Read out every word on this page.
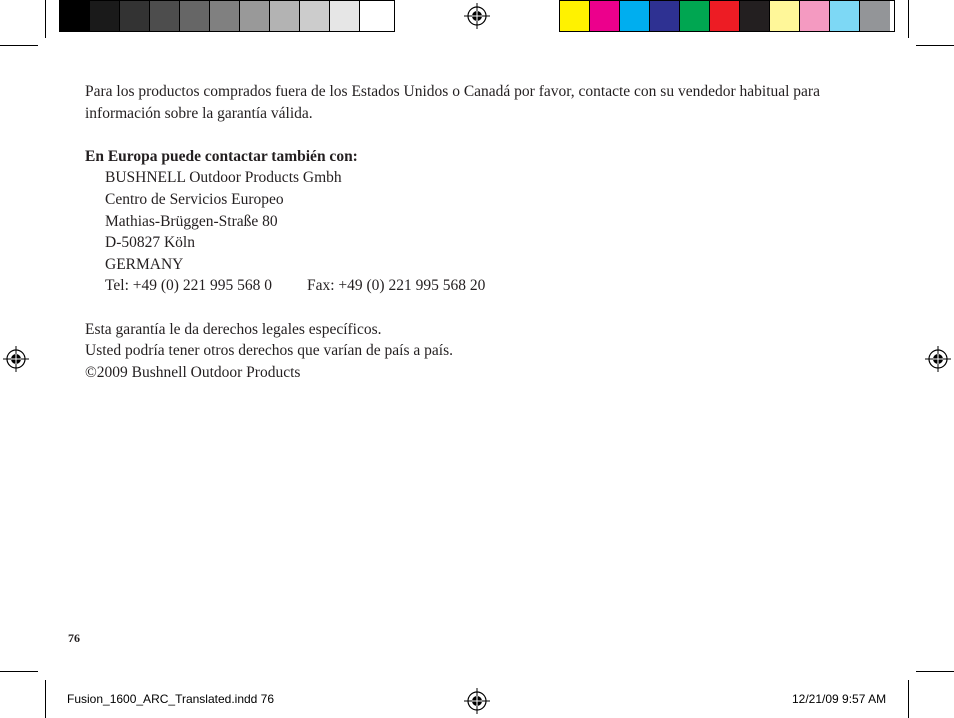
Para los productos comprados fuera de los Estados Unidos o Canadá por favor, contacte con su vendedor habitual para

información sobre la garantía válida.

En Europa puede contactar también con:

BUSHNELL Outdoor Products Gmbh

Centro de Servicios Europeo

Mathias-Brüggen-Straße 80

D-50827 Köln

GERMANY

Tel: +49 (0) 221 995 568 0 Fax: +49 (0) 221 995 568 20

Esta garantía le da derechos legales específicos.

Usted podría tener otros derechos que varían de país a país.

©2009 Bushnell Outdoor Products

76
Fusion_1600_ARC_Translated.indd 76	12/21/09 9:57 AM
